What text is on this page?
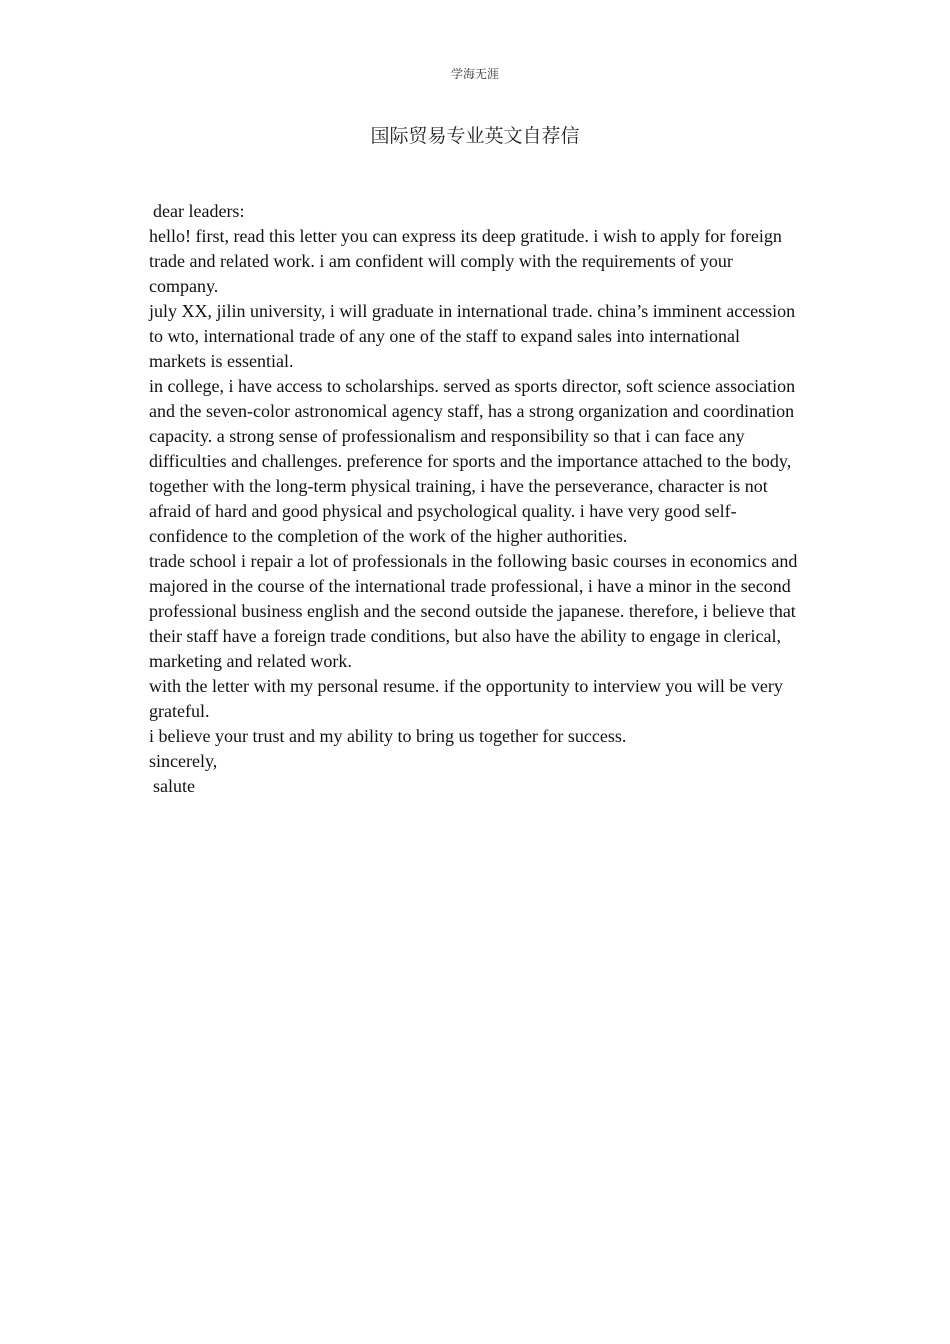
学海无涯
国际贸易专业英文自荐信

dear leaders:

hello! first, read this letter you can express its deep gratitude. i wish to apply for foreign trade and related work. i am confident will comply with the requirements of your company.

july XX, jilin university, i will graduate in international trade. china’s imminent accession to wto, international trade of any one of the staff to expand sales into international markets is essential.

in college, i have access to scholarships. served as sports director, soft science association and the seven-color astronomical agency staff, has a strong organization and coordination capacity. a strong sense of professionalism and responsibility so that i can face any difficulties and challenges. preference for sports and the importance attached to the body, together with the long-term physical training, i have the perseverance, character is not afraid of hard and good physical and psychological quality. i have very good self-confidence to the completion of the work of the higher authorities.

trade school i repair a lot of professionals in the following basic courses in economics and majored in the course of the international trade professional, i have a minor in the second professional business english and the second outside the japanese. therefore, i believe that their staff have a foreign trade conditions, but also have the ability to engage in clerical, marketing and related work.

with the letter with my personal resume. if the opportunity to interview you will be very grateful.

i believe your trust and my ability to bring us together for success.

sincerely,

salute
